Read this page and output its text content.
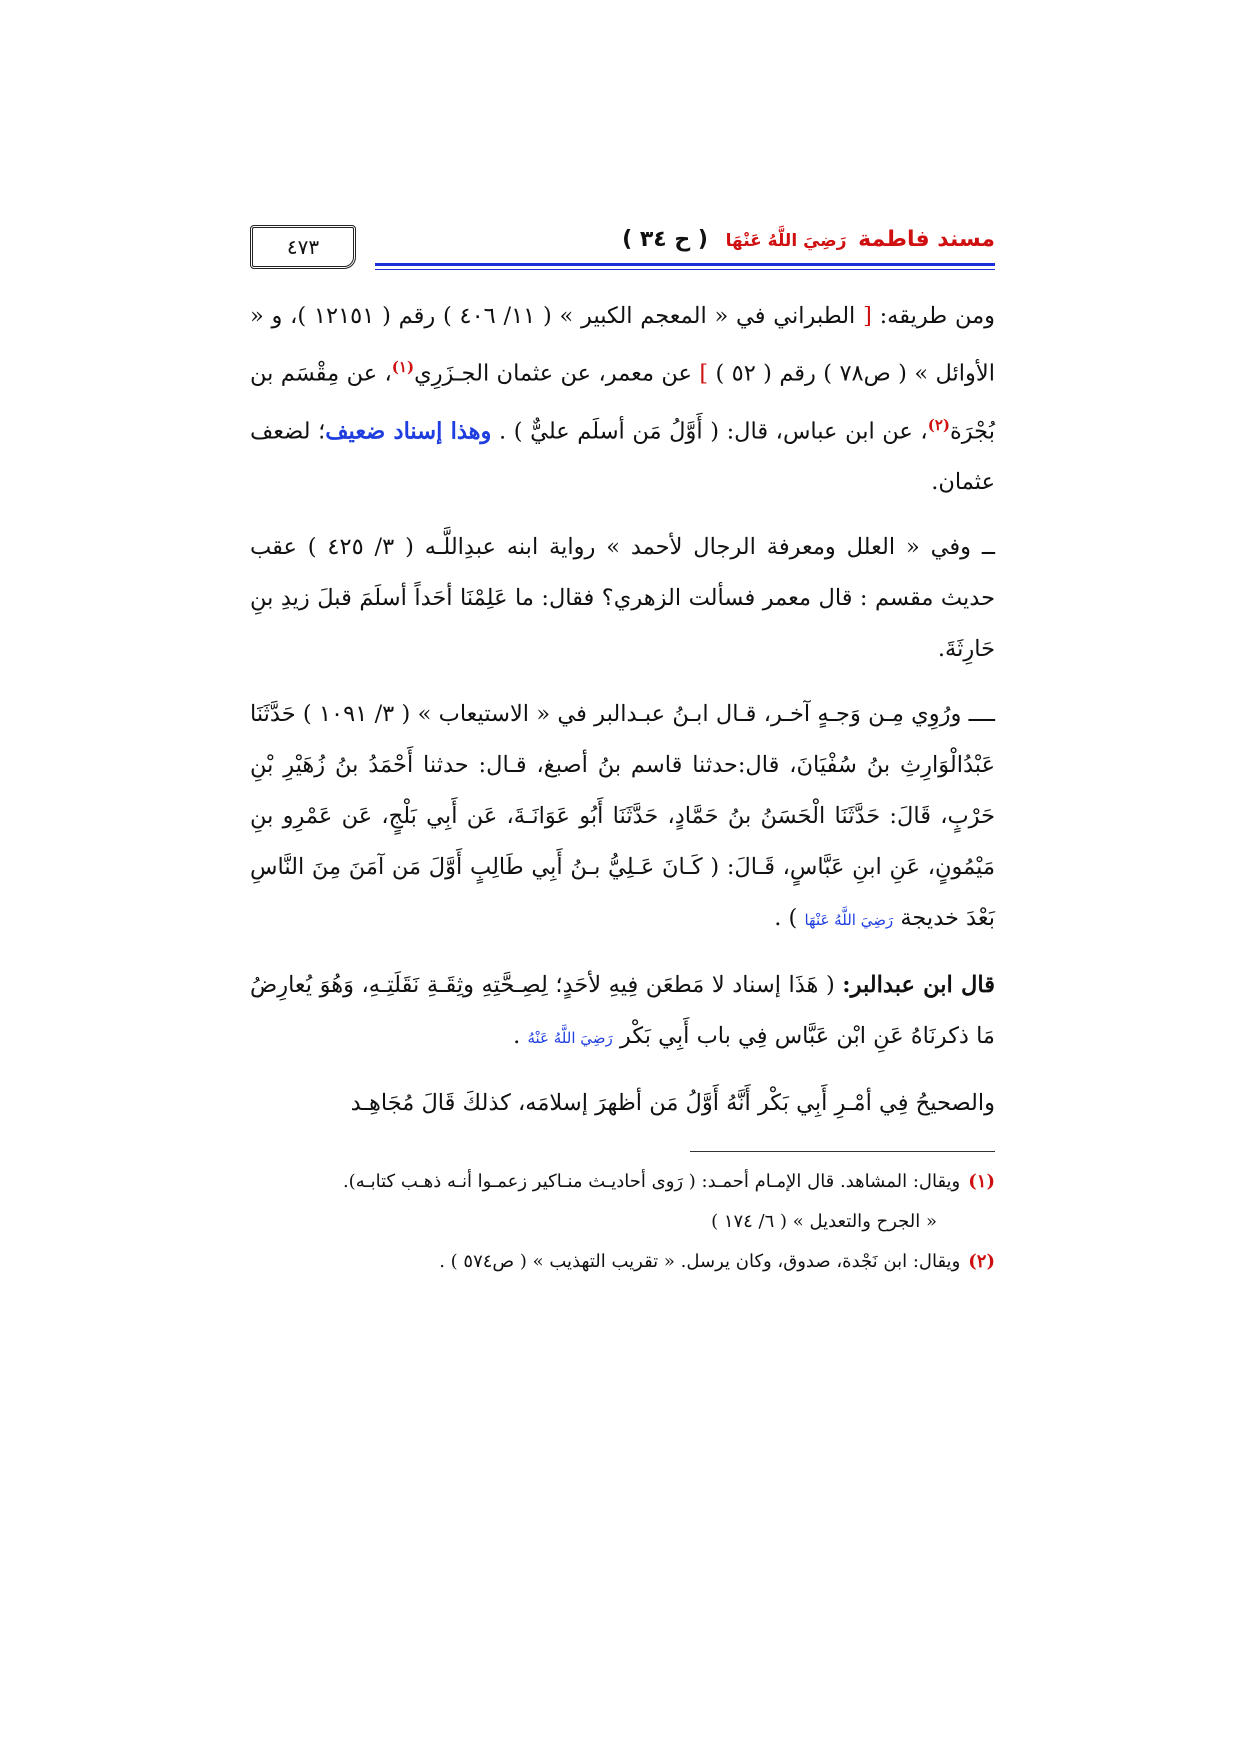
مسند فاطمة رَضِيَ اللَّهُ عَنْهَا ( ح ٣٤ )
٤٧٣

ومن طريقه: [ الطبراني في « المعجم الكبير » ( ١١/ ٤٠٦ ) رقم ( ١٢١٥١ )، و « الأوائل » ( ص٧٨ ) رقم ( ٥٢ ) ] عن معمر، عن عثمان الجـزَرِي$^{(١)}$، عن مِقْسَم بن بُجْرَة$^{(٢)}$، عن ابن عباس، قال: ( أَوَّلُ مَن أسلَم عليٌّ ) . وهذا إسناد ضعيف؛ لضعف عثمان.

ــ وفي « العلل ومعرفة الرجال لأحمد » رواية ابنه عبدِاللَّـه ( ٣/ ٤٢٥ ) عقب حديث مقسم : قال معمر فسألت الزهري؟ فقال: ما عَلِمْنَا أحَداً أسلَمَ قبلَ زيدِ بنِ حَارِثَةَ.

ــــ ورُوِي مِـن وَجـهٍ آخـر، قـال ابـنُ عبـدالبر في « الاستيعاب » ( ٣/ ١٠٩١ ) حَدَّثَنَا عَبْدُالْوَارِثِ بنُ سُفْيَانَ، قال:حدثنا قاسم بنُ أصبغ، قـال: حدثنا أَحْمَدُ بنُ زُهَيْرِ بْنِ حَرْبٍ، قَالَ: حَدَّثَنَا الْحَسَنُ بنُ حَمَّادٍ، حَدَّثَنَا أَبُو عَوَانَـةَ، عَن أَبِي بَلْجٍ، عَن عَمْرِو بنِ مَيْمُونٍ، عَنِ ابنِ عَبَّاسٍ، قَـالَ: ( كَـانَ عَـلِيُّ بـنُ أَبِي طَالِبٍ أَوَّلَ مَن آمَنَ مِنَ النَّاسِ بَعْدَ خديجة رَضِيَ اللَّهُ عَنْهَا ) .

قال ابن عبدالبر: ( هَذَا إسناد لا مَطعَن فِيهِ لأحَدٍ؛ لِصِـحَّتِهِ وثِقَـةِ نَقَلَتِـهِ، وَهُوَ يُعارِضُ مَا ذكرنَاهُ عَنِ ابْن عَبَّاس فِي باب أَبِي بَكْر رَضِيَ اللَّهُ عَنْهُ .

والصحيحُ فِي أمْـرِ أَبِي بَكْر أَنَّهُ أَوَّلُ مَن أظهرَ إسلامَه، كذلكَ قَالَ مُجَاهِـد

(١)ويقال: المشاهد. قال الإمـام أحمـد: ( رَوى أحاديـث منـاكير زعمـوا أنـه ذهـب كتابـه).

« الجرح والتعديل » ( ٦/ ١٧٤ )

(٢)ويقال: ابن نَجْدة، صدوق، وكان يرسل. « تقريب التهذيب » ( ص٥٧٤ ) .
